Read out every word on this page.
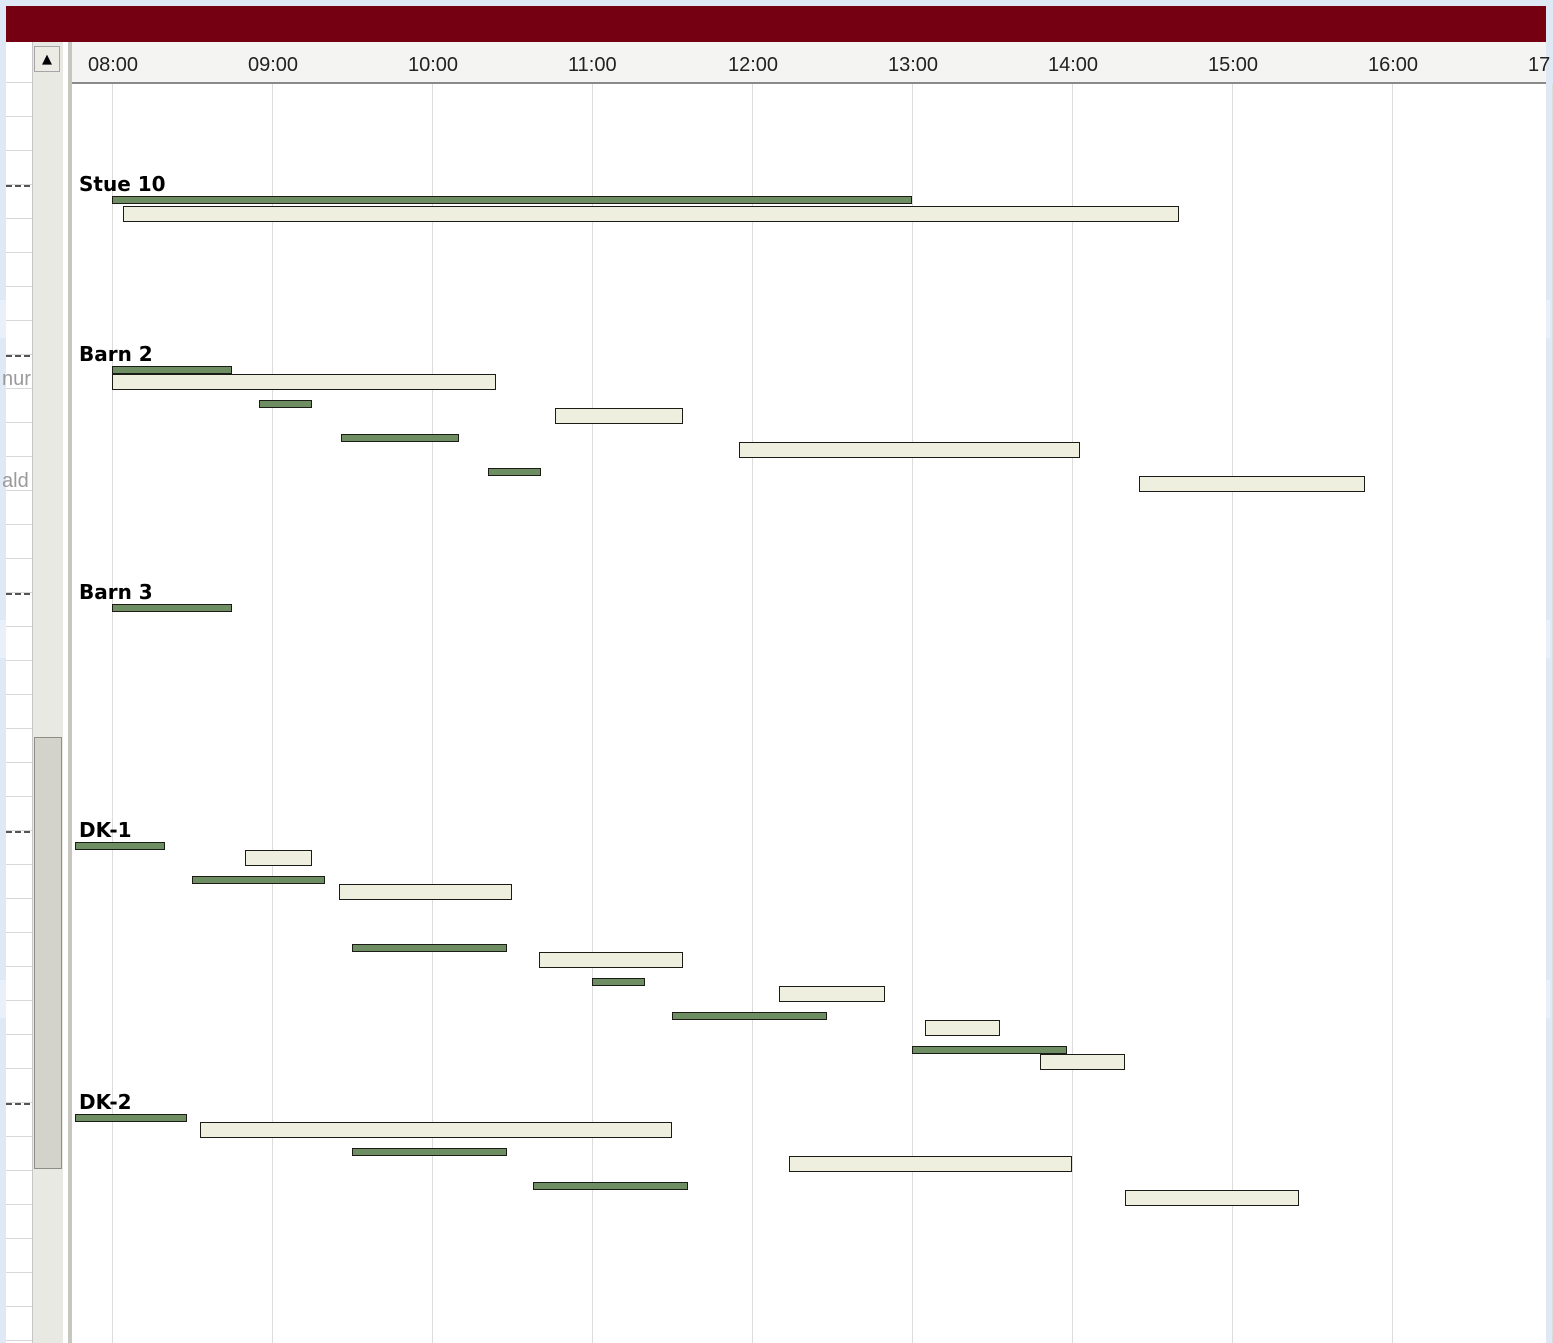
nur
ald
▲ 08:00	09:00	10:00	11:00	12:00	13:00	14:00	15:00	16:00	17
Stue 10
Barn 2
Barn 3
DK-1
DK-2
